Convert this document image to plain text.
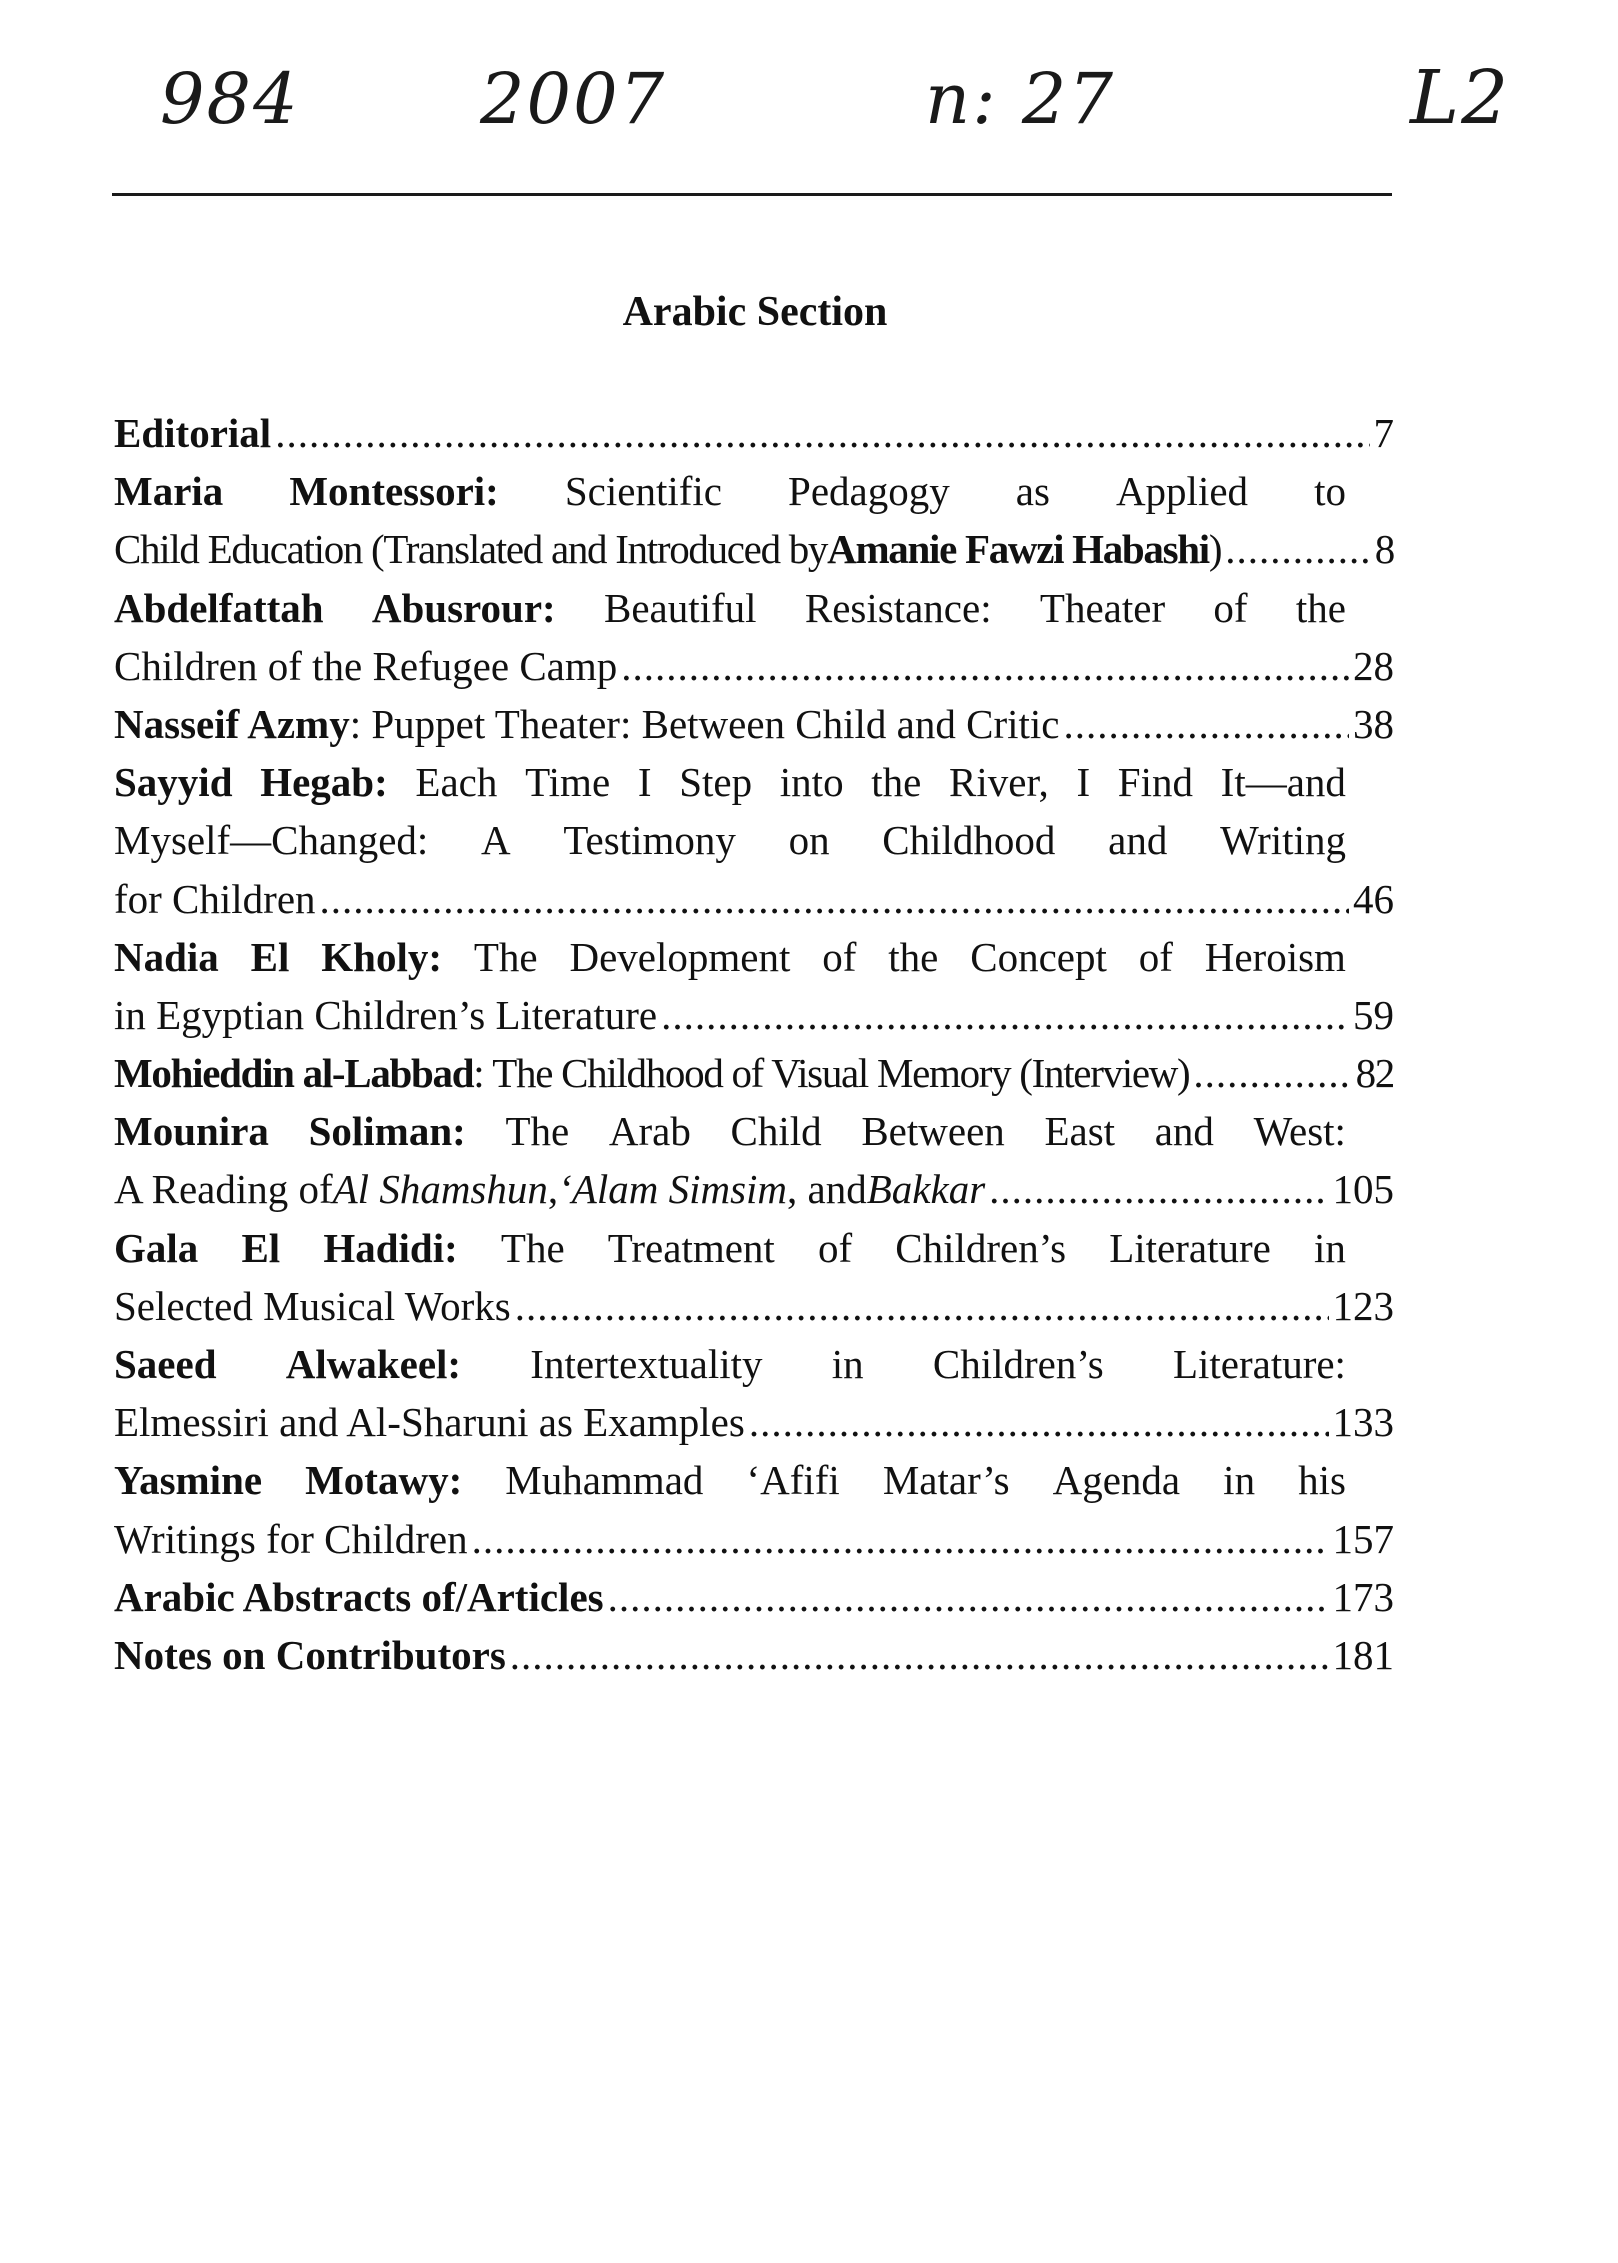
984	2007	n: 27	L2
Arabic Section
Editorial .....	7
Maria Montessori: Scientific Pedagogy as Applied to
Child Education (Translated and Introduced by Amanie Fawzi Habashi ) .....	8
Abdelfattah Abusrour: Beautiful Resistance: Theater of the
Children of the Refugee Camp .....	28
Nasseif Azmy : Puppet Theater: Between Child and Critic .....	38
Sayyid Hegab: Each Time I Step into the River, I Find It—and
Myself—Changed: A Testimony on Childhood and Writing
for Children .....	46
Nadia El Kholy: The Development of the Concept of Heroism
in Egyptian Children’s Literature .....	59
Mohieddin al-Labbad : The Childhood of Visual Memory (Interview) .....	82
Mounira Soliman: The Arab Child Between East and West:
A Reading of Al Shamshun , ‘Alam Simsim , and Bakkar .....	105
Gala El Hadidi: The Treatment of Children’s Literature in
Selected Musical Works .....	123
Saeed Alwakeel: Intertextuality in Children’s Literature:
Elmessiri and Al-Sharuni as Examples .....	133
Yasmine Motawy: Muhammad ‘Afifi Matar’s Agenda in his
Writings for Children .....	157
Arabic Abstracts of/Articles .....	173
Notes on Contributors .....	181
